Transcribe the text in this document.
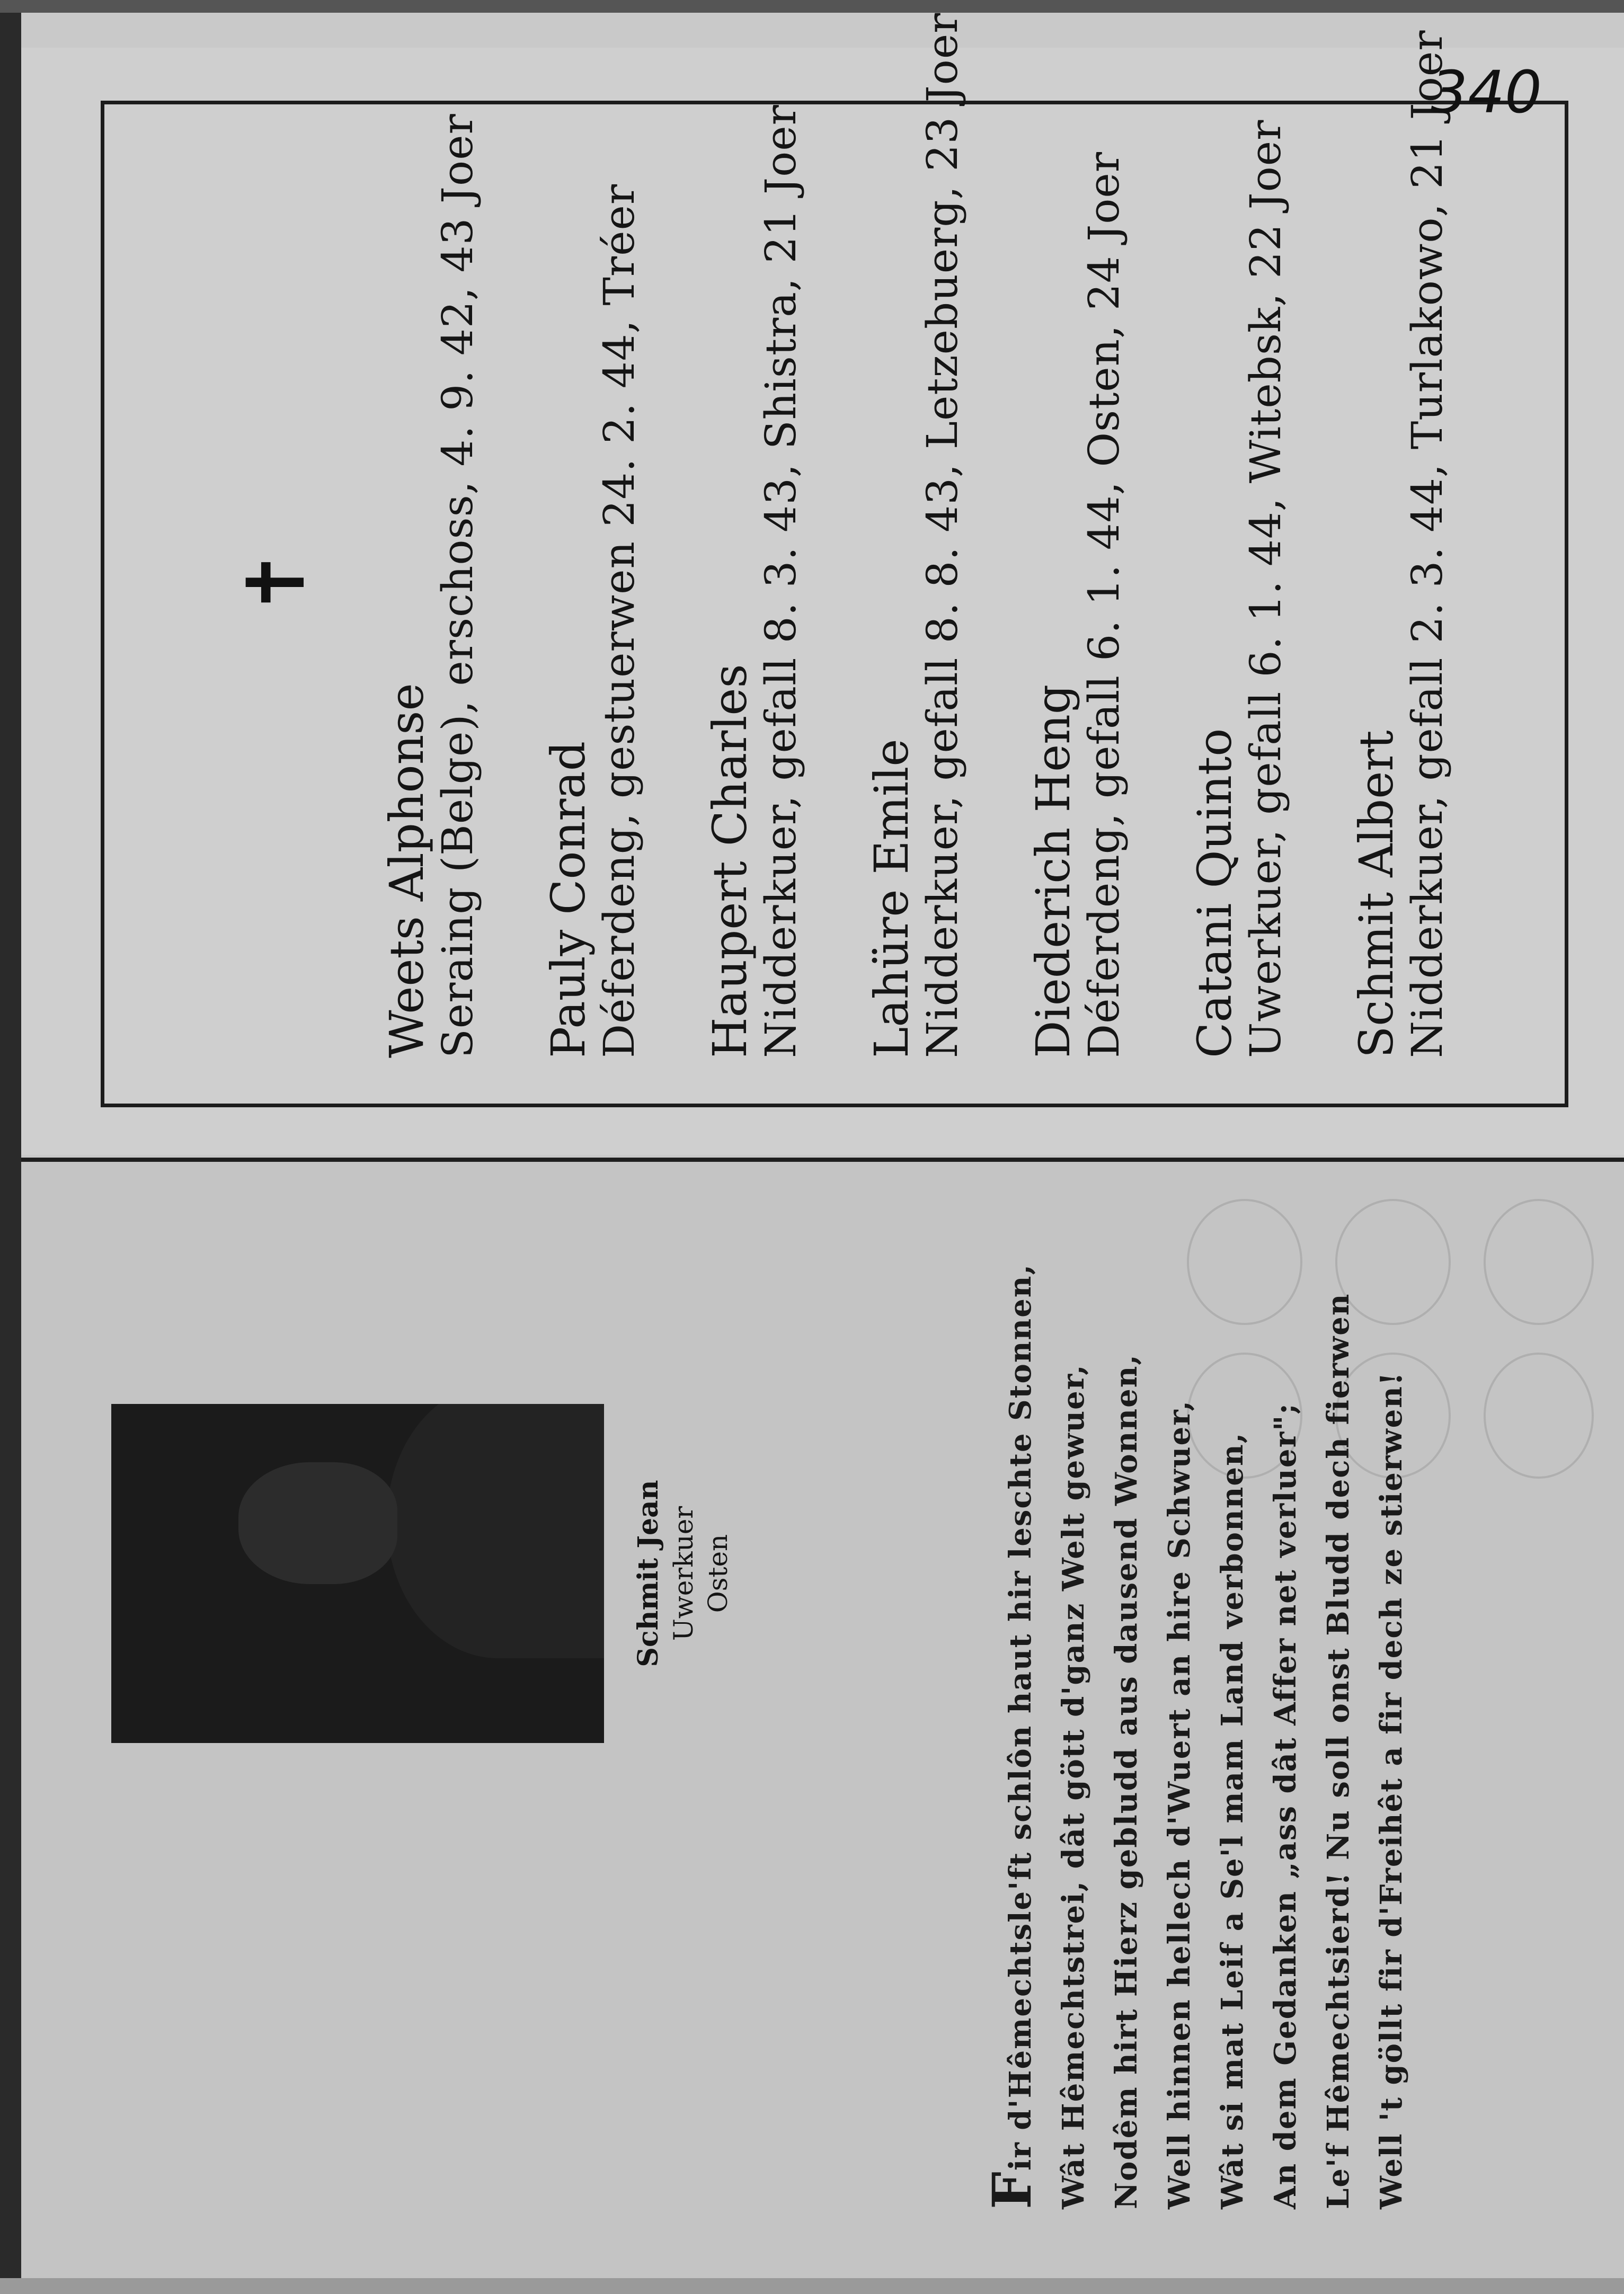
✝
Weets Alphonse
Seraing (Belge), erschoss, 4. 9. 42, 43 Joer Pauly Conrad
Déferdeng, gestuerwen 24. 2. 44, Tréer Haupert Charles
Nidderkuer, gefall 8. 3. 43, Shistra, 21 Joer Lahüre Emile
Nidderkuer, gefall 8. 8. 43, Letzebuerg, 23 Joer Diederich Heng
Déferdeng, gefall 6. 1. 44, Osten, 24 Joer Catani Quinto
Uwerkuer, gefall 6. 1. 44, Witebsk, 22 Joer Schmit Albert
Nidderkuer, gefall 2. 3. 44, Turlakowo, 21 Joer
340
Schmit Jean Uwerkuer Osten
Fir d'Hêmechtsle'ft schlôn haut hir leschte Stonnen, Wât Hêmechtstrei, dât gött d'ganz Welt gewuer, Nodêm hirt Hierz gebludd aus dausend Wonnen, Well hinnen hellech d'Wuert an hire Schwuer, Wât si mat Leif a Se'l mam Land verbonnen, An dem Gedanken „ass dât Affer net verluer"; Le'f Hêmechtsierd! Nu soll onst Bludd dech fierwen Well 't göllt fir d'Freihêt a fir dech ze stierwen!
